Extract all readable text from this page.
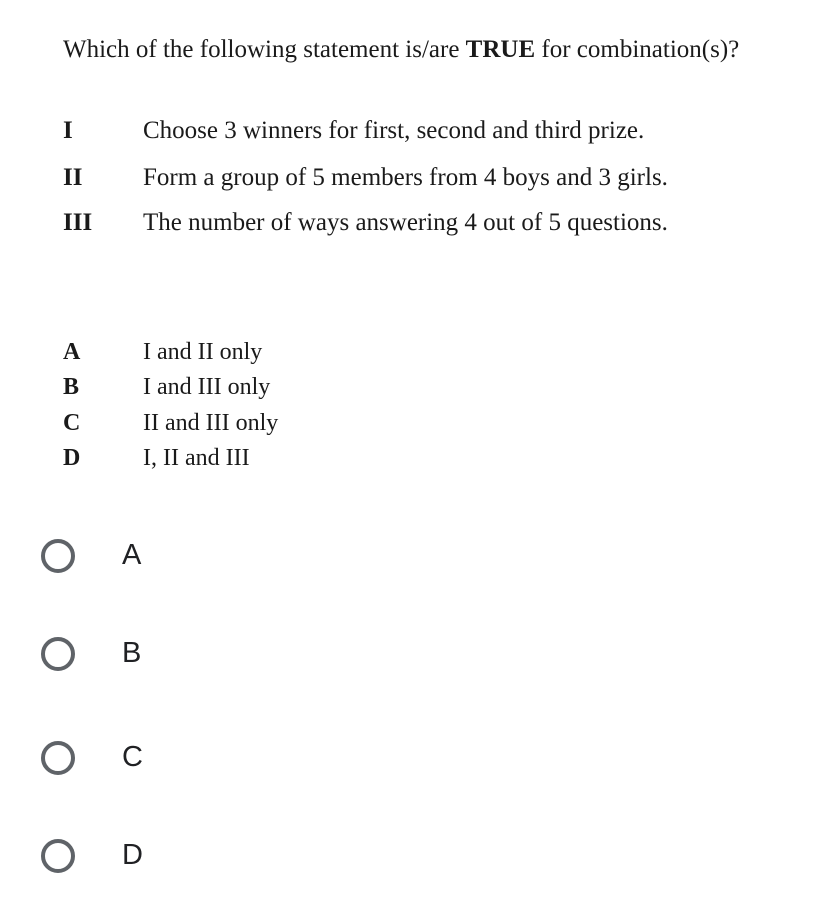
Which of the following statement is/are TRUE for combination(s)?
I	Choose 3 winners for first, second and third prize.
II Form a group of 5 members from 4 boys and 3 girls.
III The number of ways answering 4 out of 5 questions.
A	I and II only
B	I and III only
C	II and III only
D	I, II and III
A
B
C
D
